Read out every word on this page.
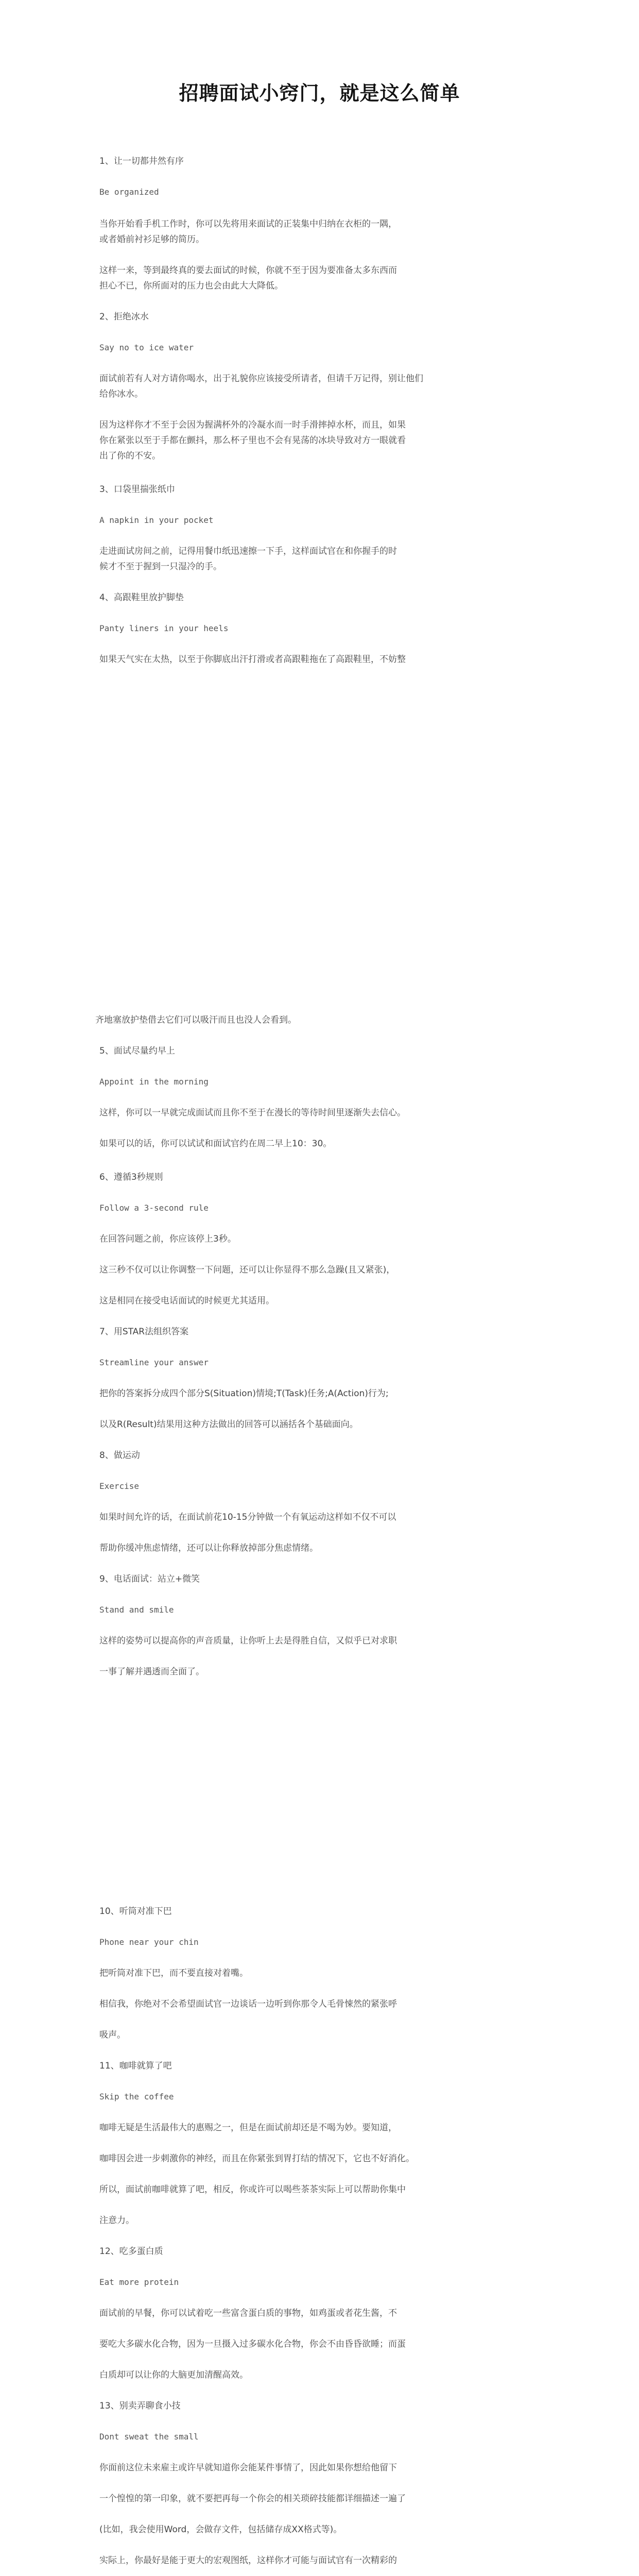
招聘面试小窍门，就是这么简单
1、让一切都井然有序
Be organized
当你开始看手机工作时，你可以先将用来面试的正装集中归纳在衣柜的一隅，
或者婚前衬衫足够的简历。
这样一来，等到最终真的要去面试的时候，你就不至于因为要准备太多东西而
担心不已，你所面对的压力也会由此大大降低。
2、拒绝冰水
Say no to ice water
面试前若有人对方请你喝水，出于礼貌你应该接受所请者，但请千万记得，别让他们
给你冰水。
因为这样你才不至于会因为握满杯外的冷凝水而一时手滑摔掉水杯，而且，如果
你在紧张以至于手都在颤抖，那么杯子里也不会有晃荡的冰块导致对方一眼就看
出了你的不安。
3、口袋里揣张纸巾
A napkin in your pocket
走进面试房间之前，记得用餐巾纸迅速擦一下手，这样面试官在和你握手的时
候才不至于握到一只湿冷的手。
4、高跟鞋里放护脚垫
Panty liners in your heels
如果天气实在太热，以至于你脚底出汗打滑或者高跟鞋拖在了高跟鞋里，不妨整
齐地塞放护垫借去它们可以吸汗而且也没人会看到。
5、面试尽量约早上
Appoint in the morning
这样，你可以一早就完成面试而且你不至于在漫长的等待时间里逐渐失去信心。
如果可以的话，你可以试试和面试官约在周二早上10：30。
6、遵循3秒规则
Follow a 3-second rule
在回答问题之前，你应该停上3秒。
这三秒不仅可以让你调整一下问题，还可以让你显得不那么急躁(且又紧张)，
这是相同在接受电话面试的时候更尤其适用。
7、用STAR法组织答案
Streamline your answer
把你的答案拆分成四个部分S(Situation)情境;T(Task)任务;A(Action)行为;
以及R(Result)结果用这种方法做出的回答可以涵括各个基础面向。
8、做运动
Exercise
如果时间允许的话，在面试前花10-15分钟做一个有氧运动这样如不仅不可以
帮助你缓冲焦虑情绪，还可以让你释放掉部分焦虑情绪。
9、电话面试：站立+微笑
Stand and smile
这样的姿势可以提高你的声音质量，让你听上去是得胜自信，又似乎已对求职
一事了解并遇透而全面了。
10、听筒对准下巴
Phone near your chin
把听筒对准下巴，而不要直接对着嘴。
相信我，你绝对不会希望面试官一边谈话一边听到你那令人毛骨悚然的紧张呼
吸声。
11、咖啡就算了吧
Skip the coffee
咖啡无疑是生活最伟大的惠赐之一，但是在面试前却还是不喝为妙。要知道，
咖啡因会进一步刺激你的神经，而且在你紧张到胃打结的情况下，它也不好消化。
所以，面试前咖啡就算了吧，相反，你或许可以喝些茶茶实际上可以帮助你集中
注意力。
12、吃多蛋白质
Eat more protein
面试前的早餐，你可以试着吃一些富含蛋白质的事物，如鸡蛋或者花生酱，不
要吃大多碳水化合物，因为一旦摄入过多碳水化合物，你会不由昏昏欲睡；而蛋
白质却可以让你的大脑更加清醒高效。
13、别卖弄聊食小技
Dont sweat the small
你面前这位未来雇主或许早就知道你会能某件事情了，因此如果你想给他留下
一个惶惶的第一印象，就不要把再每一个你会的相关琐碎技能都详细描述一遍了
(比如，我会使用Word，会做存文件，包括储存成XX格式等)。
实际上，你最好是能于更大的宏观图纸，这样你才可能与面试官有一次精彩的
